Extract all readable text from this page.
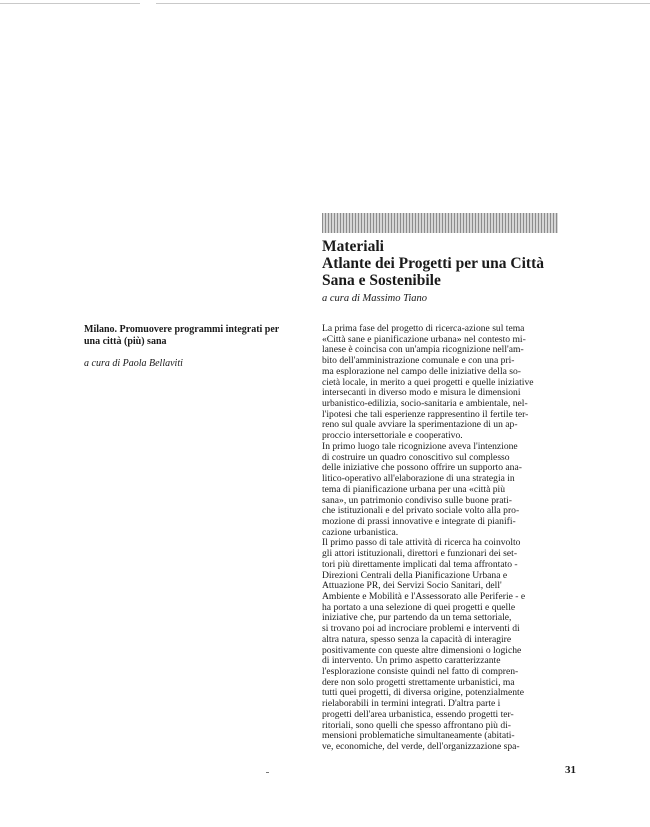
Materiali
Atlante dei Progetti per una Città
Sana e Sostenibile
a cura di Massimo Tiano
Milano. Promuovere programmi integrati per
una città (più) sana
a cura di Paola Bellaviti
La prima fase del progetto di ricerca-azione sul tema
«Città sane e pianificazione urbana» nel contesto mi-
lanese è coincisa con un'ampia ricognizione nell'am-
bito dell'amministrazione comunale e con una pri-
ma esplorazione nel campo delle iniziative della so-
cietà locale, in merito a quei progetti e quelle iniziative
intersecanti in diverso modo e misura le dimensioni
urbanistico-edilizia, socio-sanitaria e ambientale, nel-
l'ipotesi che tali esperienze rappresentino il fertile ter-
reno sul quale avviare la sperimentazione di un ap-
proccio intersettoriale e cooperativo.
In primo luogo tale ricognizione aveva l'intenzione
di costruire un quadro conoscitivo sul complesso
delle iniziative che possono offrire un supporto ana-
litico-operativo all'elaborazione di una strategia in
tema di pianificazione urbana per una «città più
sana», un patrimonio condiviso sulle buone prati-
che istituzionali e del privato sociale volto alla pro-
mozione di prassi innovative e integrate di pianifi-
cazione urbanistica.
Il primo passo di tale attività di ricerca ha coinvolto
gli attori istituzionali, direttori e funzionari dei set-
tori più direttamente implicati dal tema affrontato -
Direzioni Centrali della Pianificazione Urbana e
Attuazione PR, dei Servizi Socio Sanitari, dell'
Ambiente e Mobilità e l'Assessorato alle Periferie - e
ha portato a una selezione di quei progetti e quelle
iniziative che, pur partendo da un tema settoriale,
si trovano poi ad incrociare problemi e interventi di
altra natura, spesso senza la capacità di interagire
positivamente con queste altre dimensioni o logiche
di intervento. Un primo aspetto caratterizzante
l'esplorazione consiste quindi nel fatto di compren-
dere non solo progetti strettamente urbanistici, ma
tutti quei progetti, di diversa origine, potenzialmente
rielaborabili in termini integrati. D'altra parte i
progetti dell'area urbanistica, essendo progetti ter-
ritoriali, sono quelli che spesso affrontano più di-
mensioni problematiche simultaneamente (abitati-
ve, economiche, del verde, dell'organizzazione spa-
31
